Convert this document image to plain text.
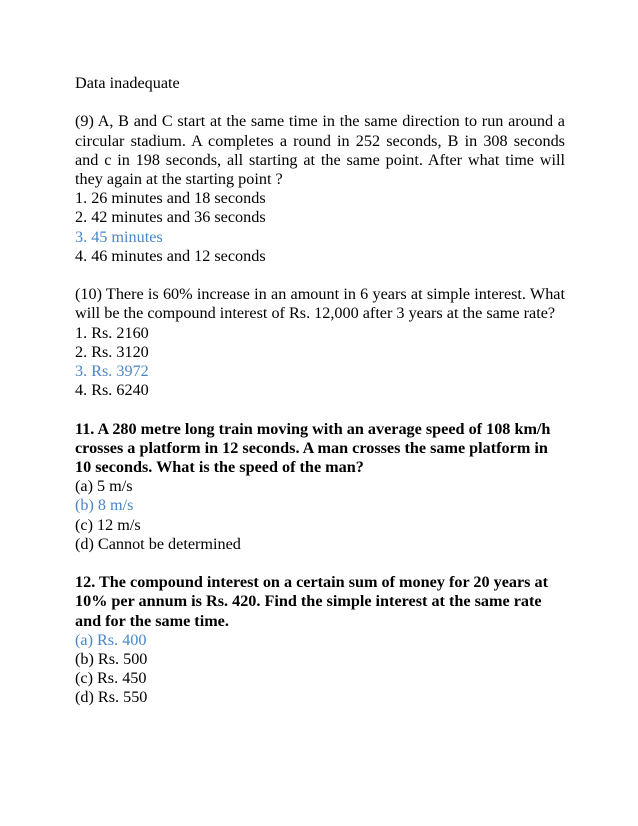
Data inadequate

(9) A, B and C start at the same time in the same direction to run around a circular stadium. A completes a round in 252 seconds, B in 308 seconds and c in 198 seconds, all starting at the same point. After what time will they again at the starting point ?

1. 26 minutes and 18 seconds
2. 42 minutes and 36 seconds
3. 45 minutes
4. 46 minutes and 12 seconds

(10) There is 60% increase in an amount in 6 years at simple interest. What will be the compound interest of Rs. 12,000 after 3 years at the same rate?

1. Rs. 2160
2. Rs. 3120
3. Rs. 3972
4. Rs. 6240

11. A 280 metre long train moving with an average speed of 108 km/h crosses a platform in 12 seconds. A man crosses the same platform in 10 seconds. What is the speed of the man?

(a) 5 m/s
(b) 8 m/s
(c) 12 m/s
(d) Cannot be determined

12. The compound interest on a certain sum of money for 20 years at 10% per annum is Rs. 420. Find the simple interest at the same rate and for the same time.

(a) Rs. 400
(b) Rs. 500
(c) Rs. 450
(d) Rs. 550
